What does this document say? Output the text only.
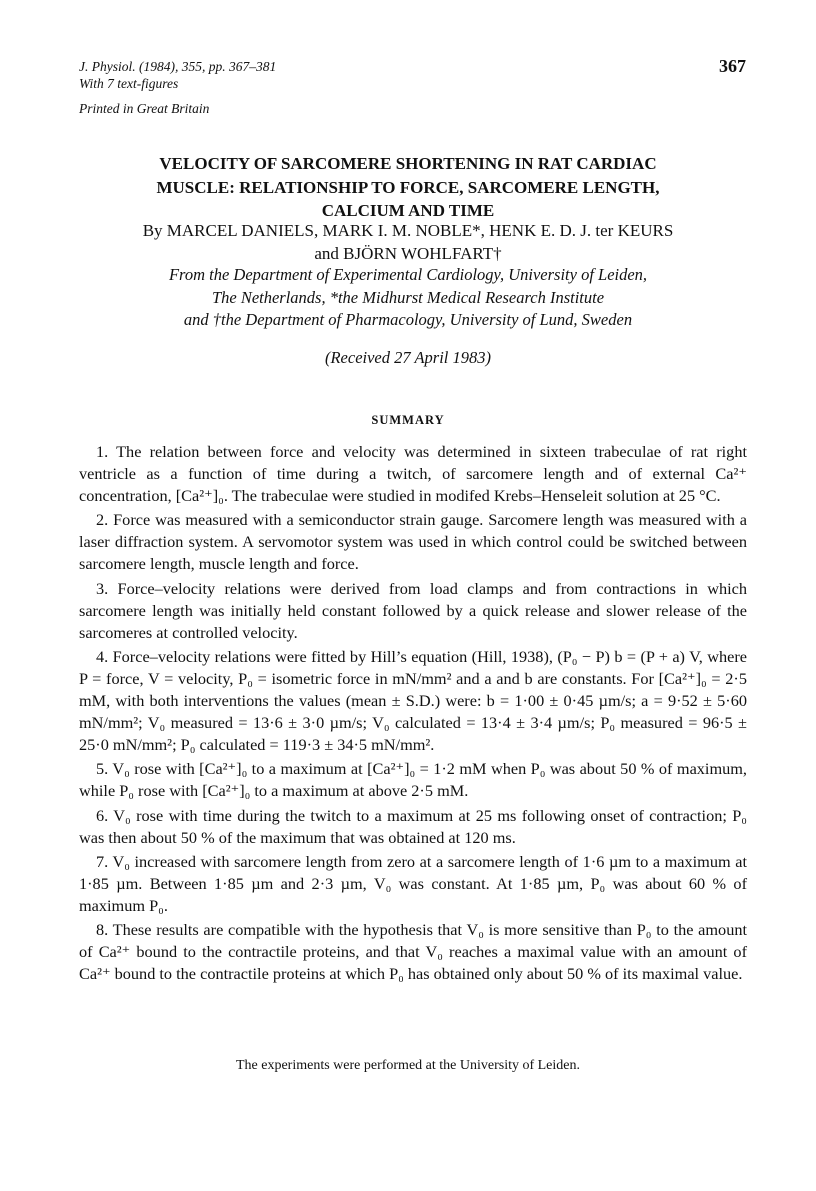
J. Physiol. (1984), 355, pp. 367–381
With 7 text-figures
Printed in Great Britain
367
VELOCITY OF SARCOMERE SHORTENING IN RAT CARDIAC
MUSCLE: RELATIONSHIP TO FORCE, SARCOMERE LENGTH,
CALCIUM AND TIME
By MARCEL DANIELS, MARK I. M. NOBLE*, HENK E. D. J. ter KEURS
and BJÖRN WOHLFART†
From the Department of Experimental Cardiology, University of Leiden,
The Netherlands, *the Midhurst Medical Research Institute
and †the Department of Pharmacology, University of Lund, Sweden
(Received 27 April 1983)
SUMMARY

1. The relation between force and velocity was determined in sixteen trabeculae of rat right ventricle as a function of time during a twitch, of sarcomere length and of external Ca²⁺ concentration, [Ca²⁺]₀. The trabeculae were studied in modifed Krebs–Henseleit solution at 25 °C.

2. Force was measured with a semiconductor strain gauge. Sarcomere length was measured with a laser diffraction system. A servomotor system was used in which control could be switched between sarcomere length, muscle length and force.

3. Force–velocity relations were derived from load clamps and from contractions in which sarcomere length was initially held constant followed by a quick release and slower release of the sarcomeres at controlled velocity.

4. Force–velocity relations were fitted by Hill’s equation (Hill, 1938), (P₀ − P) b = (P + a) V, where P = force, V = velocity, P₀ = isometric force in mN/mm² and a and b are constants. For [Ca²⁺]₀ = 2·5 mM, with both interventions the values (mean ± S.D.) were: b = 1·00 ± 0·45 µm/s; a = 9·52 ± 5·60 mN/mm²; V₀ measured = 13·6 ± 3·0 µm/s; V₀ calculated = 13·4 ± 3·4 µm/s; P₀ measured = 96·5 ± 25·0 mN/mm²; P₀ calculated = 119·3 ± 34·5 mN/mm².

5. V₀ rose with [Ca²⁺]₀ to a maximum at [Ca²⁺]₀ = 1·2 mM when P₀ was about 50 % of maximum, while P₀ rose with [Ca²⁺]₀ to a maximum at above 2·5 mM.

6. V₀ rose with time during the twitch to a maximum at 25 ms following onset of contraction; P₀ was then about 50 % of the maximum that was obtained at 120 ms.

7. V₀ increased with sarcomere length from zero at a sarcomere length of 1·6 µm to a maximum at 1·85 µm. Between 1·85 µm and 2·3 µm, V₀ was constant. At 1·85 µm, P₀ was about 60 % of maximum P₀.

8. These results are compatible with the hypothesis that V₀ is more sensitive than P₀ to the amount of Ca²⁺ bound to the contractile proteins, and that V₀ reaches a maximal value with an amount of Ca²⁺ bound to the contractile proteins at which P₀ has obtained only about 50 % of its maximal value.

The experiments were performed at the University of Leiden.
